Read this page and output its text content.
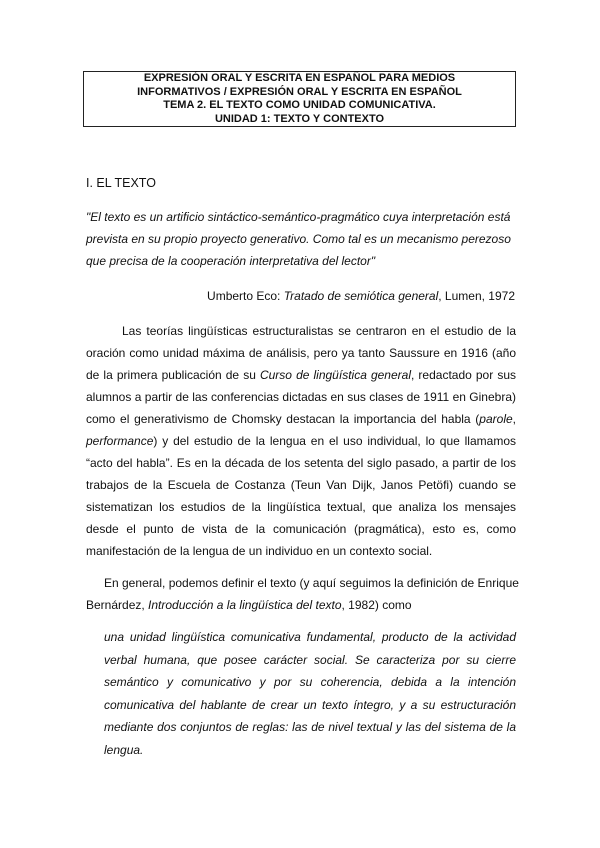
EXPRESIÓN ORAL Y ESCRITA EN ESPAÑOL PARA MEDIOS
INFORMATIVOS / EXPRESIÓN ORAL Y ESCRITA EN ESPAÑOL
TEMA 2. EL TEXTO COMO UNIDAD COMUNICATIVA.
UNIDAD 1: TEXTO Y CONTEXTO
I. EL TEXTO
"El texto es un artificio sintáctico-semántico-pragmático cuya interpretación está
prevista en su propio proyecto generativo. Como tal es un mecanismo perezoso
que precisa de la cooperación interpretativa del lector"
Umberto Eco: Tratado de semiótica general, Lumen, 1972
Las teorías lingüísticas estructuralistas se centraron en el estudio de la
oración como unidad máxima de análisis, pero ya tanto Saussure en 1916 (año
de la primera publicación de su Curso de lingüística general, redactado por sus
alumnos a partir de las conferencias dictadas en sus clases de 1911 en Ginebra)
como el generativismo de Chomsky destacan la importancia del habla (parole,
performance) y del estudio de la lengua en el uso individual, lo que llamamos
“acto del habla”. Es en la década de los setenta del siglo pasado, a partir de los
trabajos de la Escuela de Costanza (Teun Van Dijk, Janos Petöfi) cuando se
sistematizan los estudios de la lingüística textual, que analiza los mensajes
desde el punto de vista de la comunicación (pragmática), esto es, como
manifestación de la lengua de un individuo en un contexto social.
En general, podemos definir el texto (y aquí seguimos la definición de Enrique
Bernárdez, Introducción a la lingüística del texto, 1982) como
una unidad lingüística comunicativa fundamental, producto de la actividad
verbal humana, que posee carácter social. Se caracteriza por su cierre
semántico y comunicativo y por su coherencia, debida a la intención
comunicativa del hablante de crear un texto íntegro, y a su estructuración
mediante dos conjuntos de reglas: las de nivel textual y las del sistema de la
lengua.
